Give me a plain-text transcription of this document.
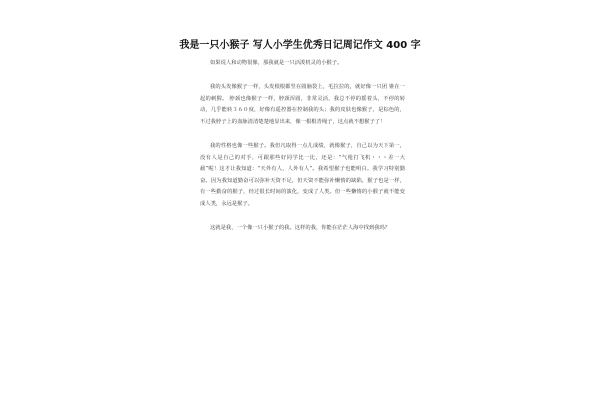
我是一只小猴子 写人小学生优秀日记周记作文 400 字

如果说人和动物很像，那我就是一只活泼机灵的小猴子。

我的头发像猴子一样，头发根根都竖在圆脑袋上，毛拉拉的，就好像一只团 锥在一起的刺猬。 脖颈也像猴子一样，脖颈浑圆，非常灵活，我总不停的摇着头，不停的转动，几乎能转３６０度，好像有遥控器在控制我的头；我的皮肤也像猴子，是棕色的，不过我脖子上的血脉清清楚楚地显出来，像一根根青绳子，这点就不想猴子了！

我的性格也像一些猴子。我但凡取得一点儿成绩，就像猴子，自己以为天下第一，没有人是自己的对手，可跟那些好同学比一比，还是：“气枪打飞机・・・差一大截”呢！这才让我知道：“天外有人，人外有人”。我希望猴子也能明白。我学习特别勤奋。因为我知道勤奋可以弥补天资不足，但天资不能弥补懒惰的缺陷，猴子也是一样，有一些勤奋的猴子，经过很长时间的演化，变成了人类。但一些懒惰的小猴子就不能变成人类，永远是猴子。

这就是我，一个像一只小猴子的我。这样的我，你能在茫茫人海中找到我吗？
